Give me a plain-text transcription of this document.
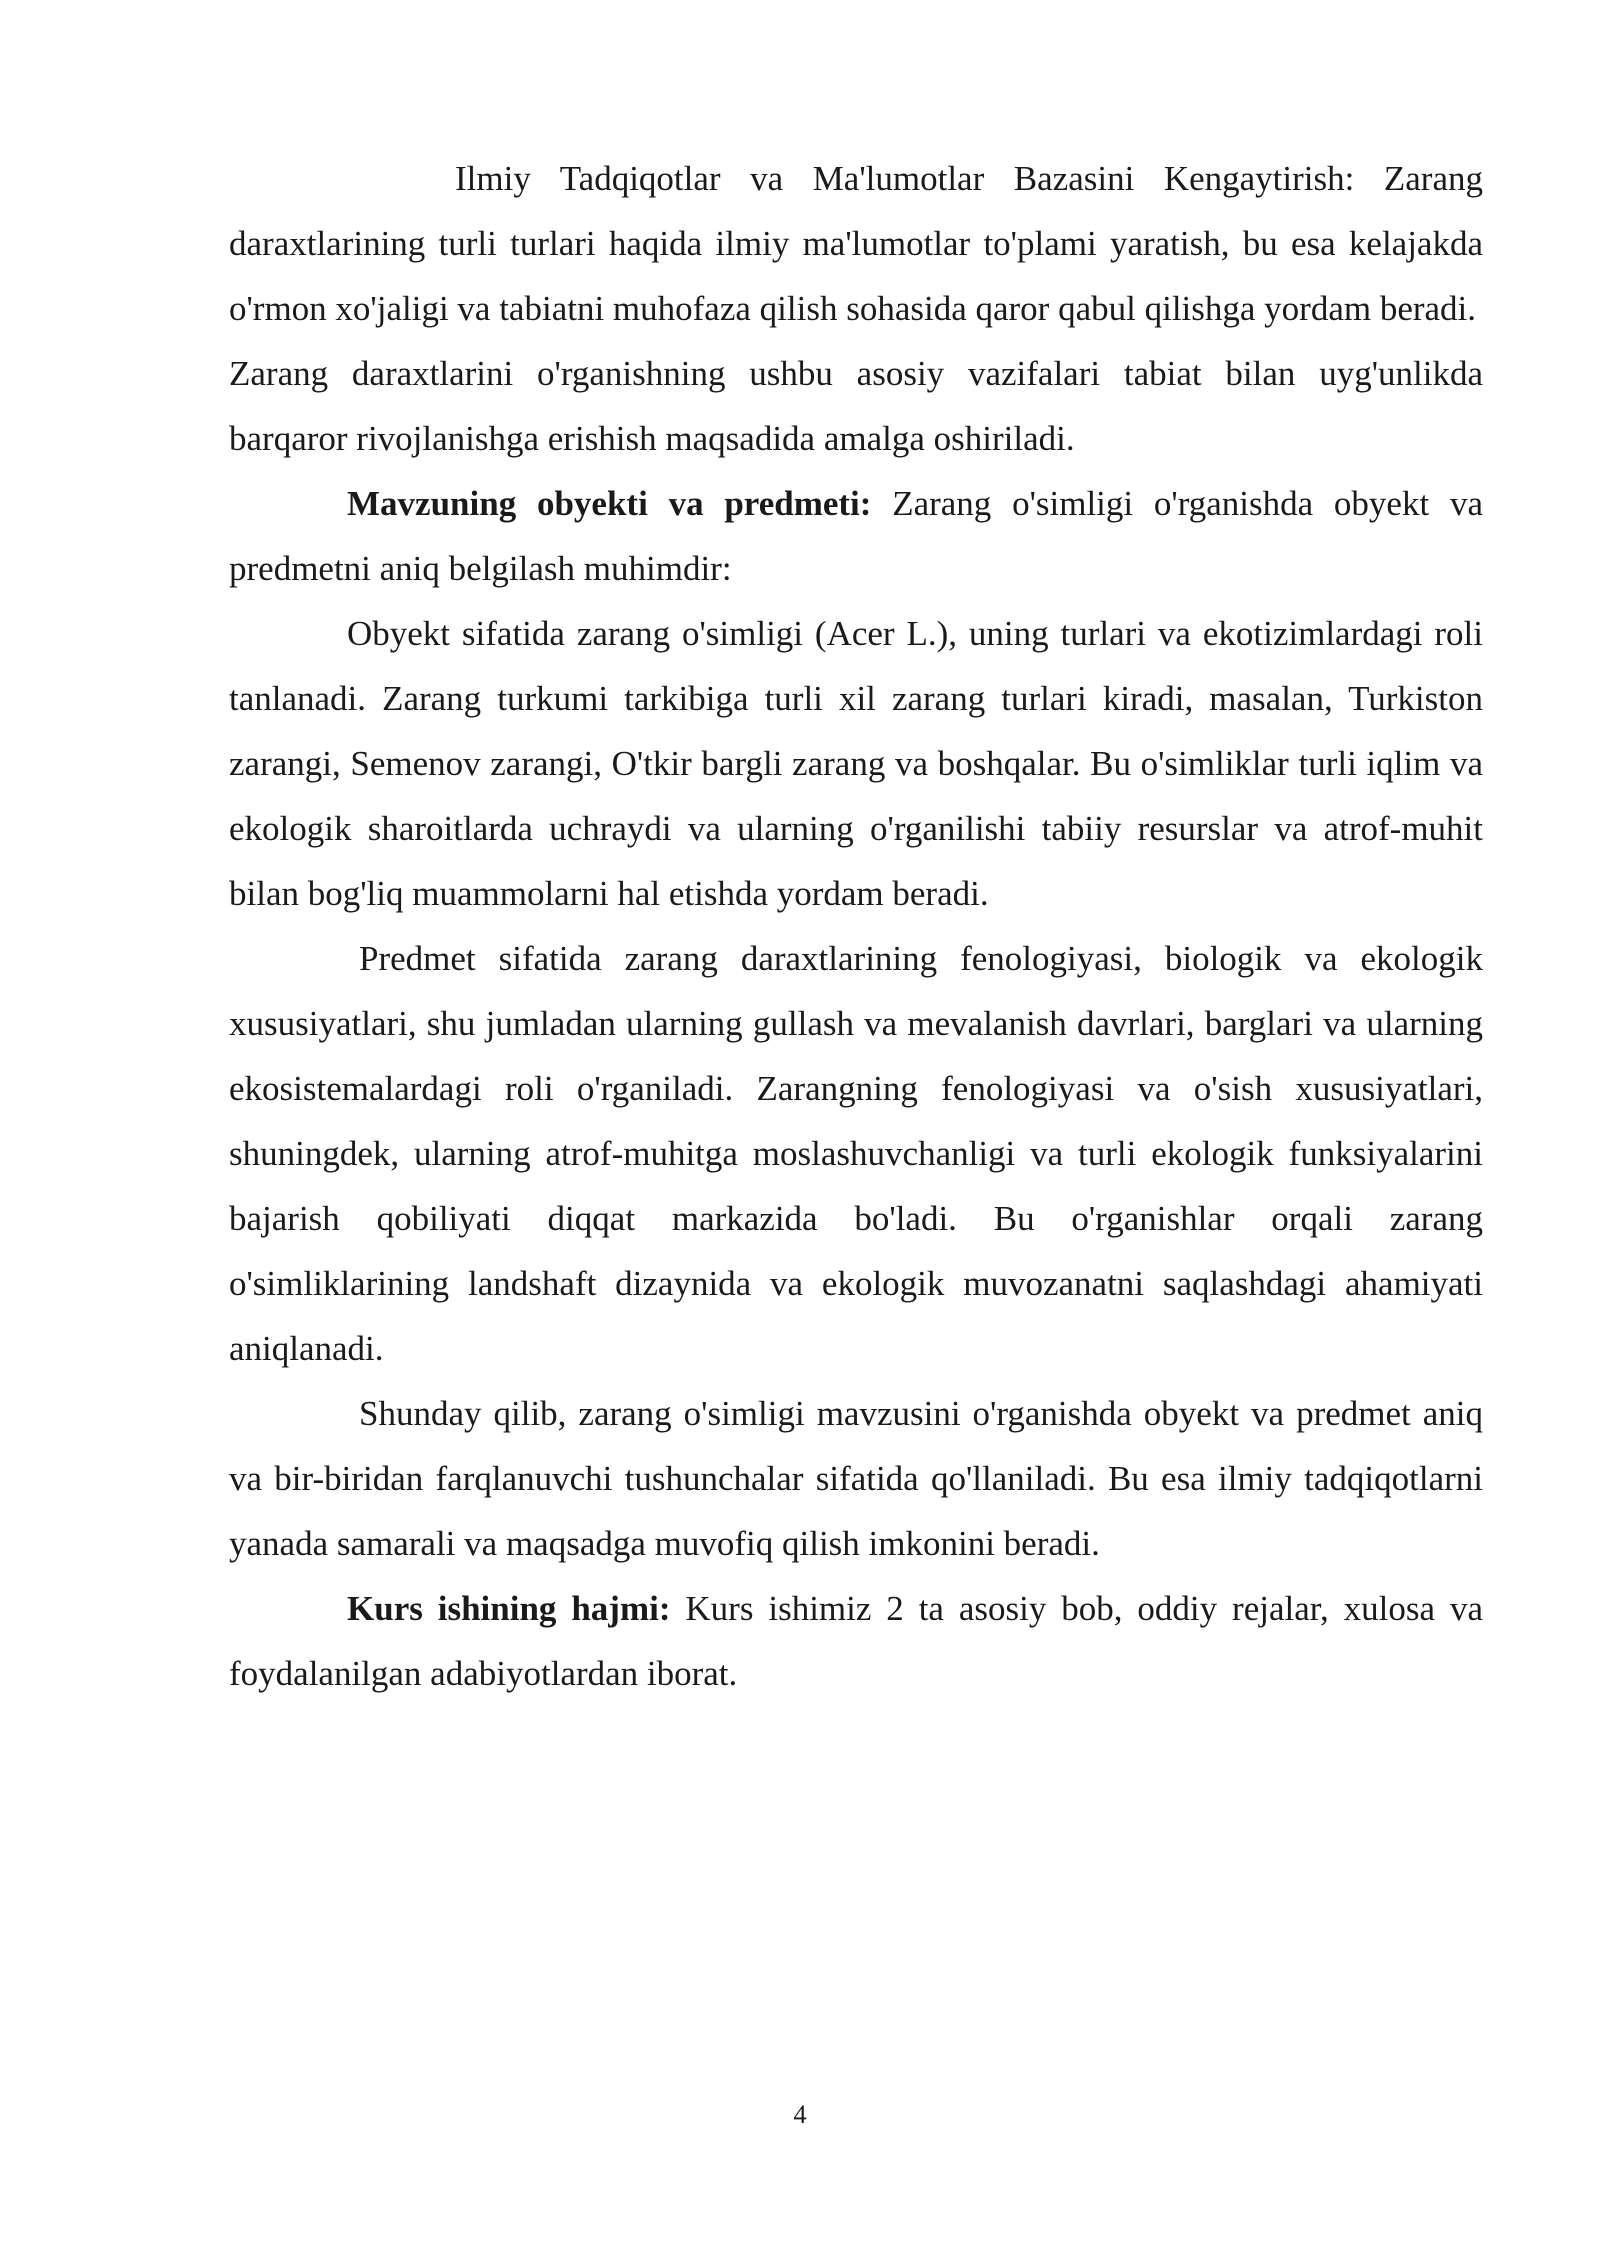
Ilmiy Tadqiqotlar va Ma'lumotlar Bazasini Kengaytirish: Zarang daraxtlarining turli turlari haqida ilmiy ma'lumotlar to'plami yaratish, bu esa kelajakda o'rmon xo'jaligi va tabiatni muhofaza qilish sohasida qaror qabul qilishga yordam beradi.

Zarang daraxtlarini o'rganishning ushbu asosiy vazifalari tabiat bilan uyg'unlikda barqaror rivojlanishga erishish maqsadida amalga oshiriladi.

Mavzuning obyekti va predmeti: Zarang o'simligi o'rganishda obyekt va predmetni aniq belgilash muhimdir:

Obyekt sifatida zarang o'simligi (Acer L.), uning turlari va ekotizimlardagi roli tanlanadi. Zarang turkumi tarkibiga turli xil zarang turlari kiradi, masalan, Turkiston zarangi, Semenov zarangi, O'tkir bargli zarang va boshqalar. Bu o'simliklar turli iqlim va ekologik sharoitlarda uchraydi va ularning o'rganilishi tabiiy resurslar va atrof-muhit bilan bog'liq muammolarni hal etishda yordam beradi.

Predmet sifatida zarang daraxtlarining fenologiyasi, biologik va ekologik xususiyatlari, shu jumladan ularning gullash va mevalanish davrlari, barglari va ularning ekosistemalardagi roli o'rganiladi. Zarangning fenologiyasi va o'sish xususiyatlari, shuningdek, ularning atrof-muhitga moslashuvchanligi va turli ekologik funksiyalarini bajarish qobiliyati diqqat markazida bo'ladi. Bu o'rganishlar orqali zarang o'simliklarining landshaft dizaynida va ekologik muvozanatni saqlashdagi ahamiyati aniqlanadi.

Shunday qilib, zarang o'simligi mavzusini o'rganishda obyekt va predmet aniq va bir-biridan farqlanuvchi tushunchalar sifatida qo'llaniladi. Bu esa ilmiy tadqiqotlarni yanada samarali va maqsadga muvofiq qilish imkonini beradi.

Kurs ishining hajmi: Kurs ishimiz 2 ta asosiy bob, oddiy rejalar, xulosa va foydalanilgan adabiyotlardan iborat.

4
